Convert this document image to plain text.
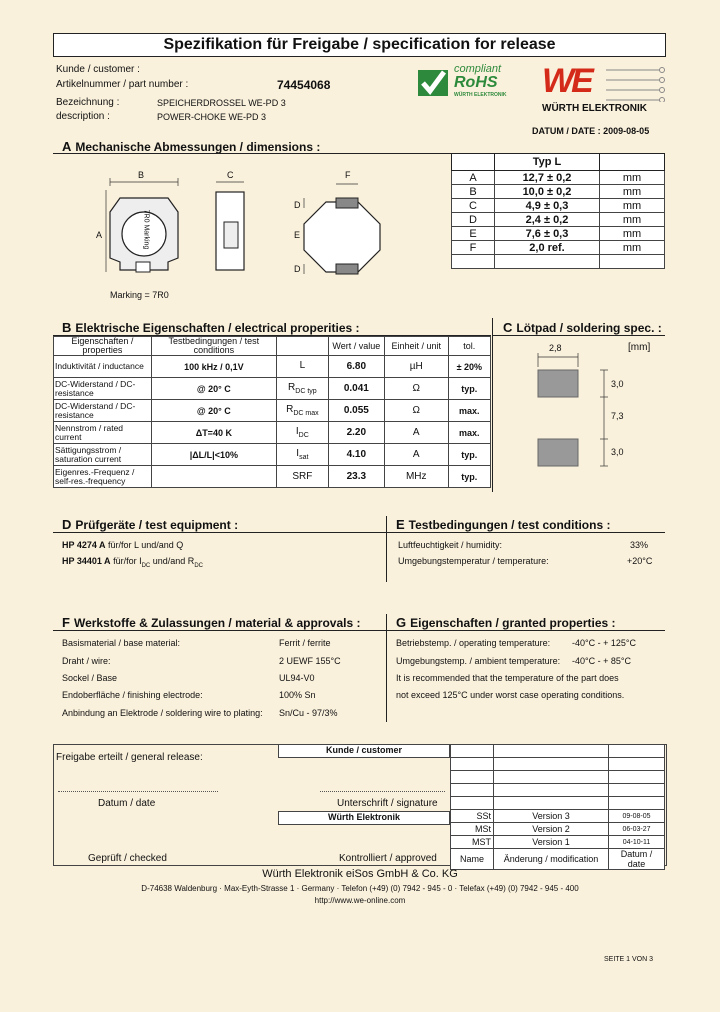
Spezifikation für Freigabe / specification for release
Kunde / customer :
Artikelnummer / part number :	74454068
Bezeichnung :	SPEICHERDROSSEL WE-PD 3
description :	POWER-CHOKE WE-PD 3
compliant
RoHS
WÜRTH ELEKTRONIK WE
WÜRTH ELEKTRONIK
DATUM / DATE : 2009-08-05
A Mechanische Abmessungen / dimensions :
B
A
C	F
D
E
D
7R0 Marking
Marking = 7R0
	Typ L	
A	12,7 ± 0,2	mm
B	10,0 ± 0,2	mm
C	4,9 ± 0,3	mm
D	2,4 ± 0,2	mm
E	7,6 ± 0,3	mm
F	2,0 ref.	mm

B Elektrische Eigenschaften / electrical properities :
Eigenschaften / properties	Testbedingungen / test conditions		Wert / value	Einheit / unit	tol.
Induktivität / inductance	100 kHz / 0,1V	L	6.80	µH	± 20%
DC-Widerstand / DC-resistance	@ 20° C	$R_{DC typ}$	0.041	Ω	typ.
DC-Widerstand / DC-resistance	@ 20° C	$R_{DC max}$	0.055	Ω	max.
Nennstrom / rated current	ΔT=40 K	$I_{DC}$	2.20	A	max.
Sättigungsstrom / saturation current	|ΔL/L|<10%	$I_{sat}$	4.10	A	typ.
Eigenres.-Frequenz / self-res.-frequency		SRF	23.3	MHz	typ.
C Lötpad / soldering spec. :
[mm]
2,8
3,0
7,3
3,0
D Prüfgeräte / test equipment :
HP 4274 A für/for L und/and Q
HP 34401 A für/for $I_{DC}$ und/and $R_{DC}$
E Testbedingungen / test conditions :
Luftfeuchtigkeit / humidity:	33%
Umgebungstemperatur / temperature:	+20°C
F Werkstoffe & Zulassungen / material & approvals :
Basismaterial / base material:	Ferrit / ferrite
Draht / wire:	2 UEWF 155°C
Sockel / Base	UL94-V0
Endoberfläche / finishing electrode:	100% Sn
Anbindung an Elektrode / soldering wire to plating: Sn/Cu - 97/3%
G Eigenschaften / granted properties :
Betriebstemp. / operating temperature: -40°C - + 125°C
Umgebungstemp. / ambient temperature: -40°C - + 85°C
It is recommended that the temperature of the part does
not exceed 125°C under worst case operating conditions.
Freigabe erteilt / general release:
Kunde / customer
Datum / date	Unterschrift / signature
Würth Elektronik
Geprüft / checked	Kontrolliert / approved

SSt	Version 3	09-08-05
MSt	Version 2	06-03-27
MST	Version 1	04-10-11
Name	Änderung / modification	Datum / date
Würth Elektronik eiSos GmbH & Co. KG
D-74638 Waldenburg · Max-Eyth-Strasse 1 · Germany · Telefon (+49) (0) 7942 - 945 - 0 · Telefax (+49) (0) 7942 - 945 - 400
http://www.we-online.com
SEITE 1 VON 3
